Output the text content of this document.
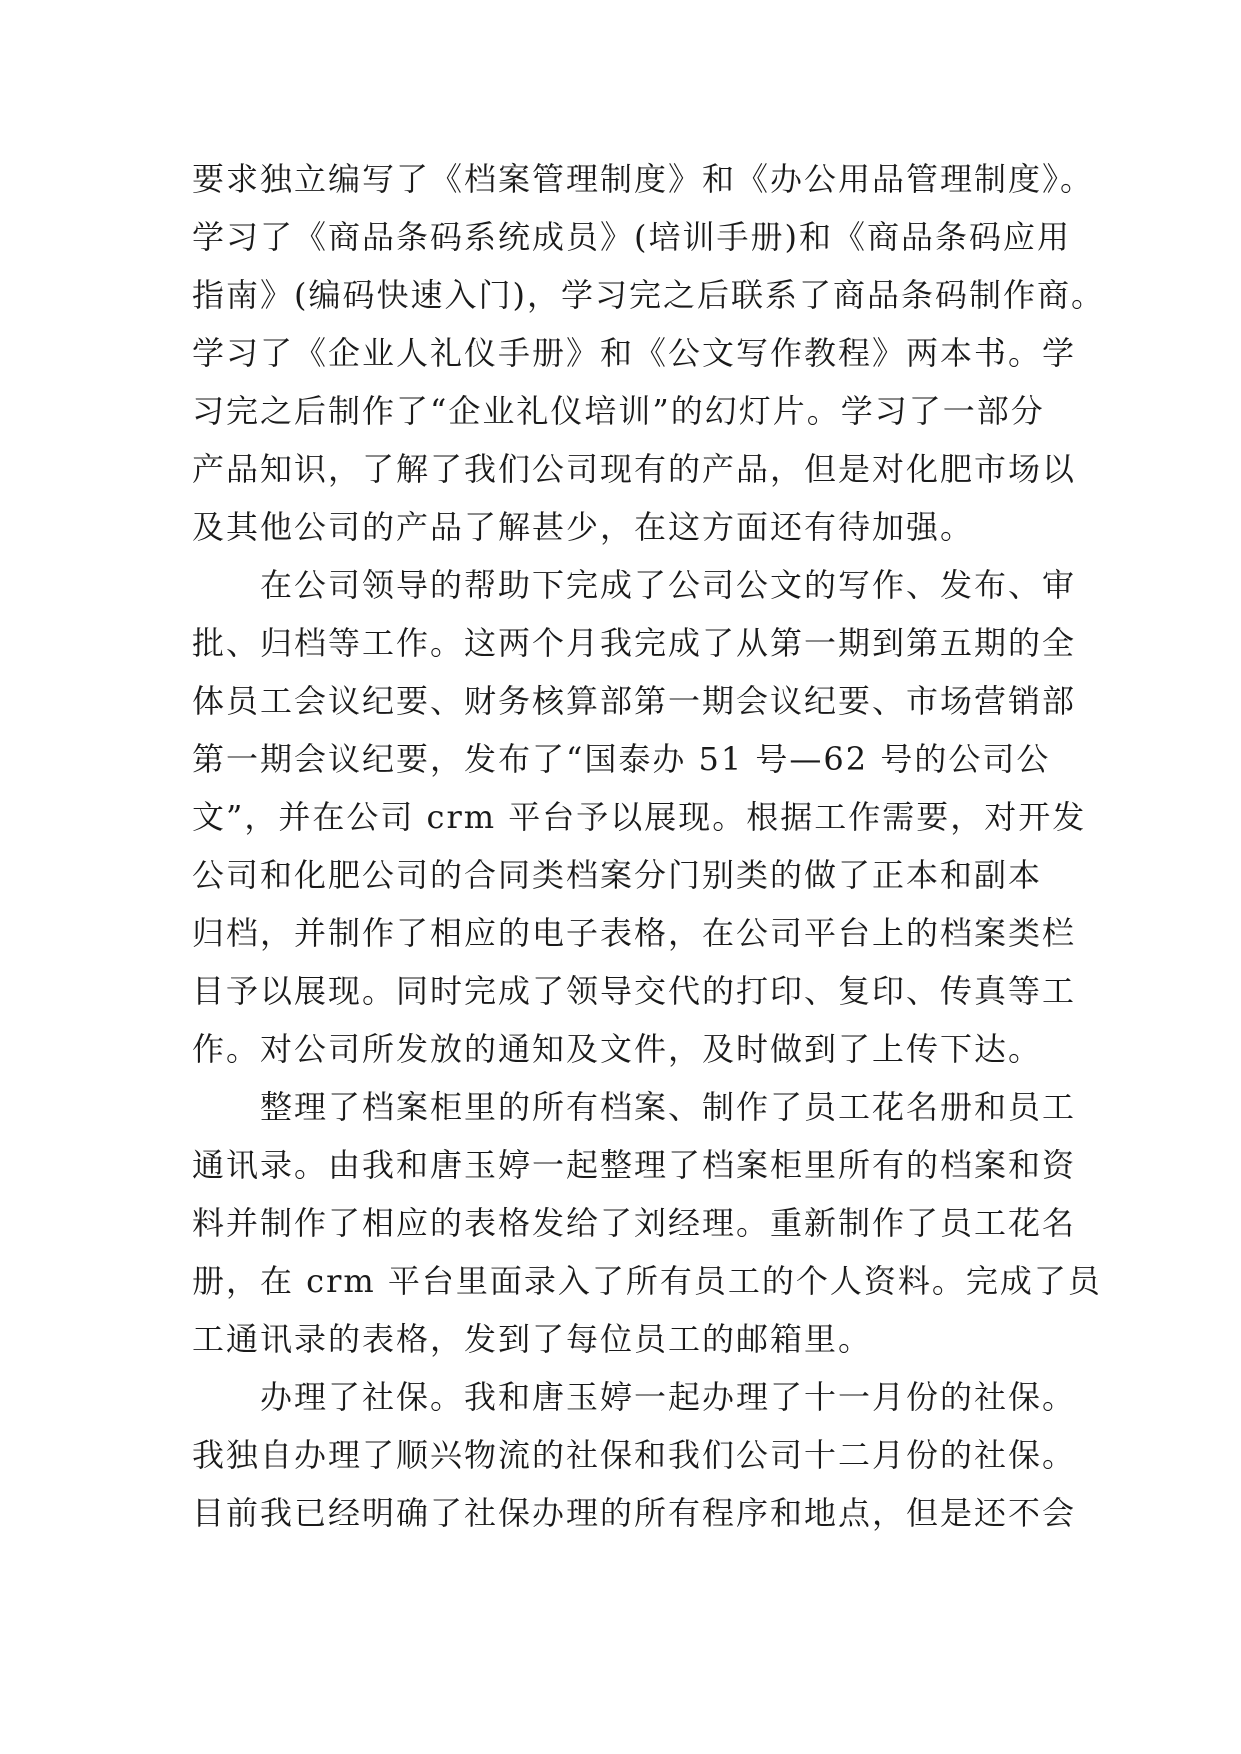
要求独立编写了《档案管理制度》和《办公用品管理制度》。
学习了《商品条码系统成员》(培训手册)和《商品条码应用
指南》(编码快速入门)，学习完之后联系了商品条码制作商。
学习了《企业人礼仪手册》和《公文写作教程》两本书。学
习完之后制作了“企业礼仪培训”的幻灯片。学习了一部分
产品知识，了解了我们公司现有的产品，但是对化肥市场以
及其他公司的产品了解甚少，在这方面还有待加强。
　　在公司领导的帮助下完成了公司公文的写作、发布、审
批、归档等工作。这两个月我完成了从第一期到第五期的全
体员工会议纪要、财务核算部第一期会议纪要、市场营销部
第一期会议纪要，发布了“国泰办 51 号—62 号的公司公
文”，并在公司 crm 平台予以展现。根据工作需要，对开发
公司和化肥公司的合同类档案分门别类的做了正本和副本
归档，并制作了相应的电子表格，在公司平台上的档案类栏
目予以展现。同时完成了领导交代的打印、复印、传真等工
作。对公司所发放的通知及文件，及时做到了上传下达。
　　整理了档案柜里的所有档案、制作了员工花名册和员工
通讯录。由我和唐玉婷一起整理了档案柜里所有的档案和资
料并制作了相应的表格发给了刘经理。重新制作了员工花名
册，在 crm 平台里面录入了所有员工的个人资料。完成了员
工通讯录的表格，发到了每位员工的邮箱里。
　　办理了社保。我和唐玉婷一起办理了十一月份的社保。
我独自办理了顺兴物流的社保和我们公司十二月份的社保。
目前我已经明确了社保办理的所有程序和地点，但是还不会
